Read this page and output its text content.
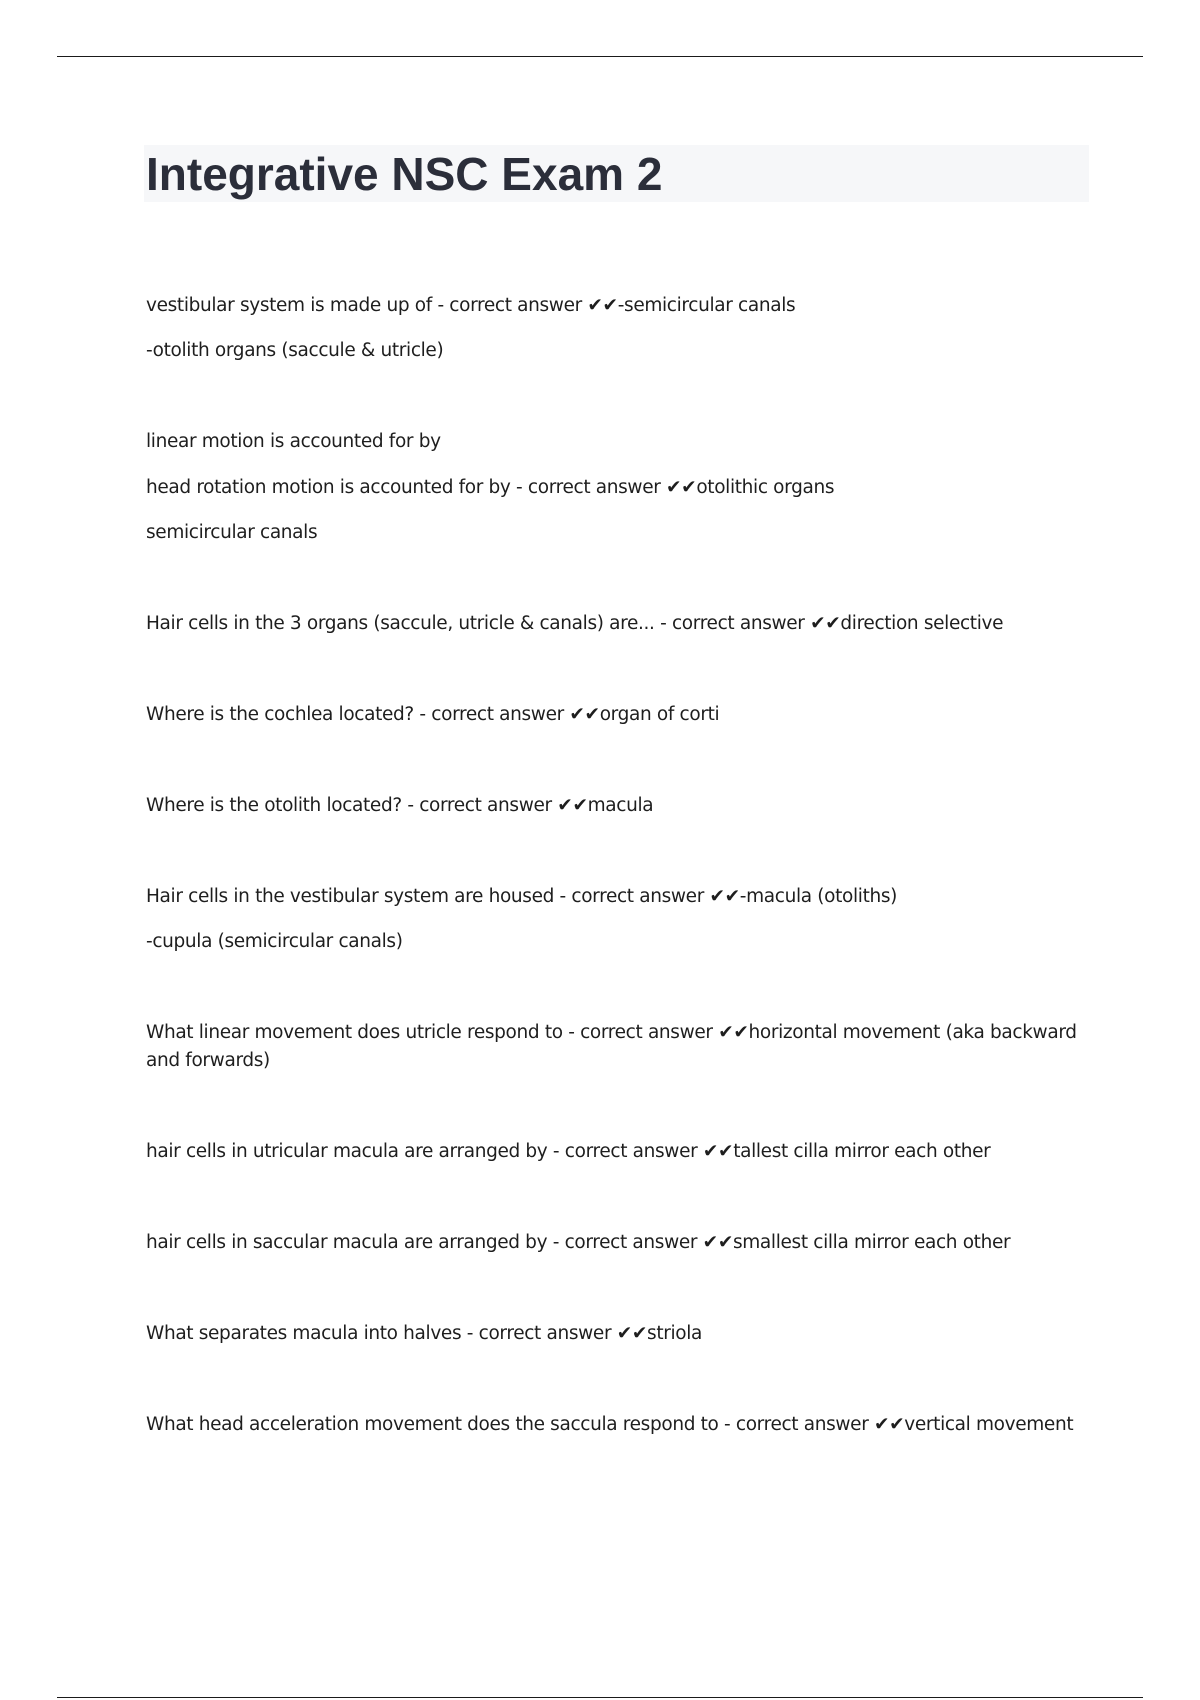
Integrative NSC Exam 2

vestibular system is made up of - correct answer ✔✔-semicircular canals

-otolith organs (saccule & utricle)

linear motion is accounted for by

head rotation motion is accounted for by - correct answer ✔✔otolithic organs

semicircular canals

Hair cells in the 3 organs (saccule, utricle & canals) are... - correct answer ✔✔direction selective

Where is the cochlea located? - correct answer ✔✔organ of corti

Where is the otolith located? - correct answer ✔✔macula

Hair cells in the vestibular system are housed - correct answer ✔✔-macula (otoliths)

-cupula (semicircular canals)

What linear movement does utricle respond to - correct answer ✔✔horizontal movement (aka backward and forwards)

hair cells in utricular macula are arranged by - correct answer ✔✔tallest cilla mirror each other

hair cells in saccular macula are arranged by - correct answer ✔✔smallest cilla mirror each other

What separates macula into halves - correct answer ✔✔striola

What head acceleration movement does the saccula respond to - correct answer ✔✔vertical movement
